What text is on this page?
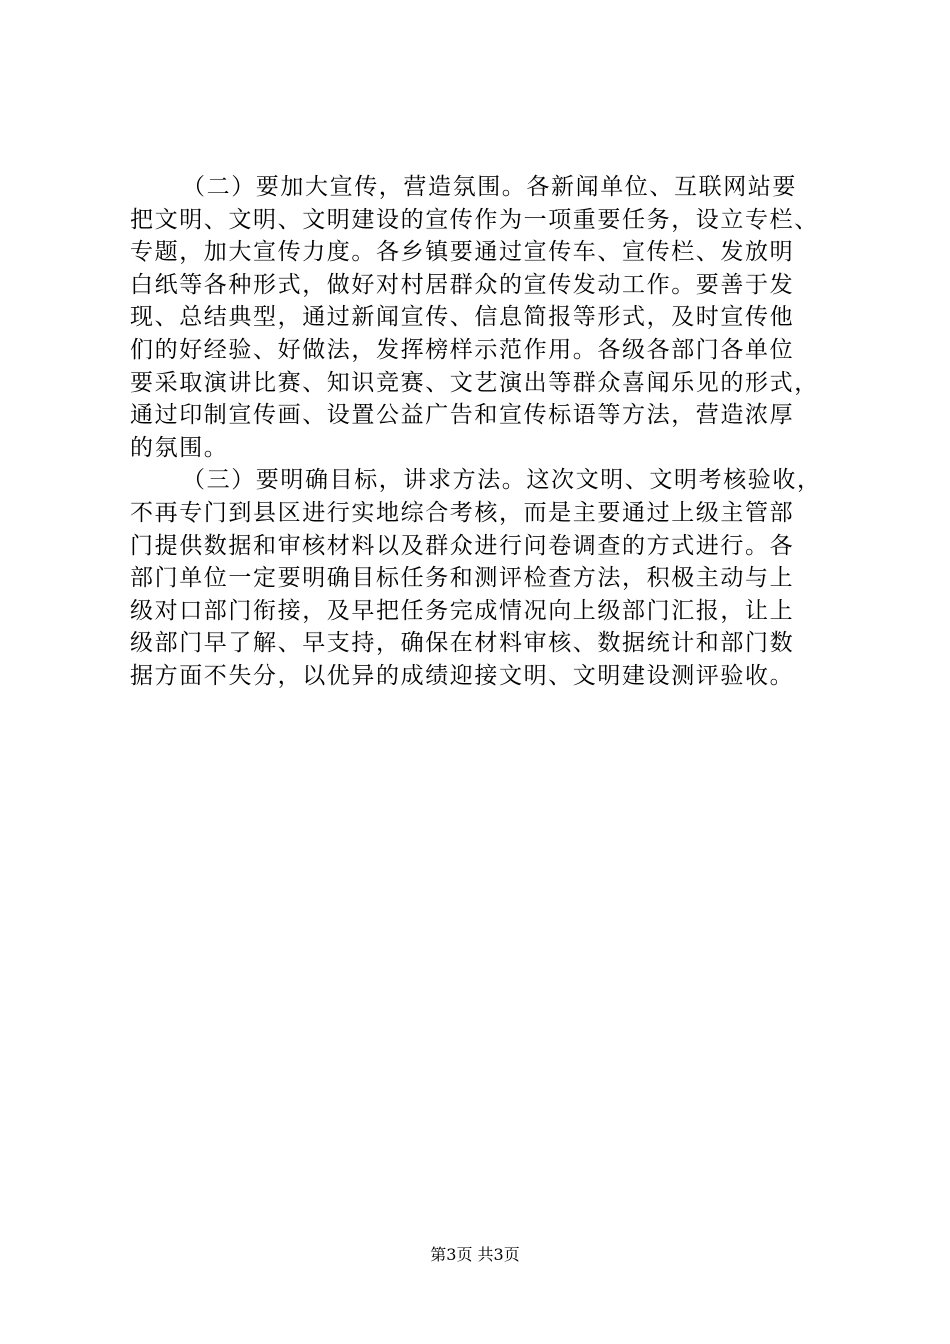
（二）要加大宣传，营造氛围。各新闻单位、互联网站要
把文明、文明、文明建设的宣传作为一项重要任务，设立专栏、
专题，加大宣传力度。各乡镇要通过宣传车、宣传栏、发放明
白纸等各种形式，做好对村居群众的宣传发动工作。要善于发
现、总结典型，通过新闻宣传、信息简报等形式，及时宣传他
们的好经验、好做法，发挥榜样示范作用。各级各部门各单位
要采取演讲比赛、知识竞赛、文艺演出等群众喜闻乐见的形式，
通过印制宣传画、设置公益广告和宣传标语等方法，营造浓厚
的氛围。
（三）要明确目标，讲求方法。这次文明、文明考核验收，
不再专门到县区进行实地综合考核，而是主要通过上级主管部
门提供数据和审核材料以及群众进行问卷调查的方式进行。各
部门单位一定要明确目标任务和测评检查方法，积极主动与上
级对口部门衔接，及早把任务完成情况向上级部门汇报，让上
级部门早了解、早支持，确保在材料审核、数据统计和部门数
据方面不失分，以优异的成绩迎接文明、文明建设测评验收。
第3页 共3页
